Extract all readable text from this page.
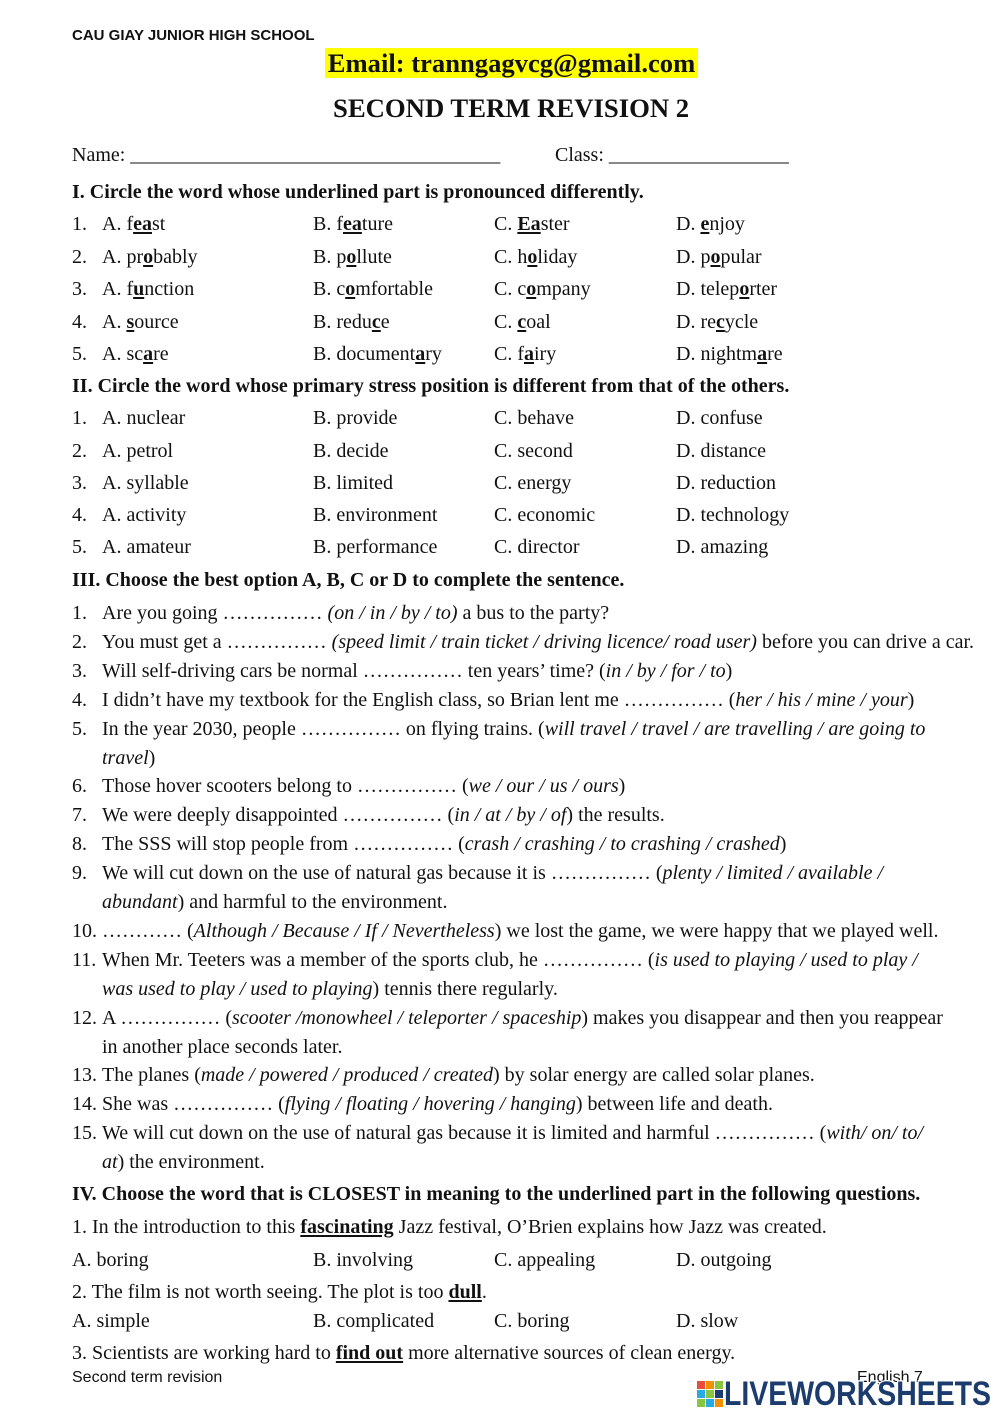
CAU GIAY JUNIOR HIGH SCHOOL
Email: tranngagvcg@gmail.com
SECOND TERM REVISION 2
Name: _____________________________________	Class: __________________
Second term revision	English 7
LIVEWORKSHEETS
I. Circle the word whose underlined part is pronounced differently.
II. Circle the word whose primary stress position is different from that of the others.
III. Choose the best option A, B, C or D to complete the sentence.
IV. Choose the word that is CLOSEST in meaning to the underlined part in the following questions.
1. A. feast	B. feature	C. Easter	D. enjoy
2. A. probably	B. pollute	C. holiday	D. popular
3. A. function	B. comfortable	C. company	D. teleporter
4. A. source	B. reduce	C. coal	D. recycle
5. A. scare	B. documentary	C. fairy	D. nightmare
1. A. nuclear	B. provide	C. behave	D. confuse
2. A. petrol	B. decide	C. second	D. distance
3. A. syllable	B. limited	C. energy	D. reduction
4. A. activity	B. environment	C. economic	D. technology
5. A. amateur	B. performance	C. director	D. amazing
1. Are you going …………… (on / in / by / to) a bus to the party?
2. You must get a …………… (speed limit / train ticket / driving licence/ road user) before you can drive a car.
3. Will self-driving cars be normal …………… ten years’ time? (in / by / for / to)
4. I didn’t have my textbook for the English class, so Brian lent me …………… (her / his / mine / your)
5. In the year 2030, people …………… on flying trains. (will travel / travel / are travelling / are going to
travel)
6. Those hover scooters belong to …………… (we / our / us / ours)
7. We were deeply disappointed …………… (in / at / by / of) the results.
8. The SSS will stop people from …………… (crash / crashing / to crashing / crashed)
9. We will cut down on the use of natural gas because it is …………… (plenty / limited / available /
abundant) and harmful to the environment.
10. ………… (Although / Because / If / Nevertheless) we lost the game, we were happy that we played well.
11. When Mr. Teeters was a member of the sports club, he …………… (is used to playing / used to play /
was used to play / used to playing) tennis there regularly.
12. A …………… (scooter /monowheel / teleporter / spaceship) makes you disappear and then you reappear
in another place seconds later.
13. The planes (made / powered / produced / created) by solar energy are called solar planes.
14. She was …………… (flying / floating / hovering / hanging) between life and death.
15. We will cut down on the use of natural gas because it is limited and harmful …………… (with/ on/ to/
at) the environment.
1. In the introduction to this fascinating Jazz festival, O’Brien explains how Jazz was created.
A. boring	B. involving	C. appealing	D. outgoing
2. The film is not worth seeing. The plot is too dull.
A. simple	B. complicated	C. boring	D. slow
3. Scientists are working hard to find out more alternative sources of clean energy.
